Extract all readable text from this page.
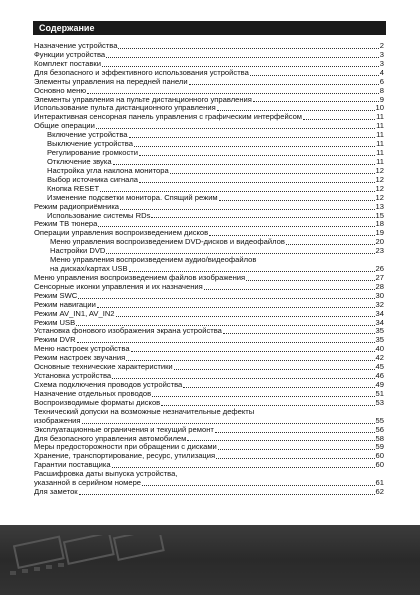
Содержание
Назначение устройства	2
Функции устройства	3
Комплект поставки	3
Для безопасного и эффективного использования устройства	4
Элементы управления на передней панели	6
Основно меню	8
Элементы управления на пульте дистанционного управления	9
Использование пульта дистанционного управления	10
Интерактивная сенсорная панель управления с графическим интерфейсом	11
Общие операции	11
Включение устройства	11
Выключение устройства	11
Регулирование громкости	11
Отключение звука	11
Настройка угла наклона монитора	12
Выбор источника сигнала	12
Кнопка RESET	12
Изменение подсветки монитора. Спящий режим	12
Режим радиоприёмника	13
Использование системы RDs	15
Режим ТВ тюнера	18
Операции управления воспроизведением дисков	19
Меню управления воспроизведением DVD-дисков и видеофайлов	20
Настройки DVD	23
Меню управления воспроизведением аудио/видеофайлов
на дисках/картах USB	26
Меню управления воспроизведением файлов изображения	27
Сенсорные иконки управления и их назначения	28
Режим SWC	30
Режим навигации	32
Режим AV_IN1, AV_IN2	34
Режим USB	34
Установка фонового изображения экрана устройства	35
Режим DVR	35
Меню настроек устройства	40
Режим настроек звучания	42
Основные технические характеристики	45
Установка устройства	46
Схема подключения проводов устройства	49
Назначение отдельных проводов	51
Воспроизводимые форматы дисков	53
Технический допуски на возможные незначительные дефекты
изображения	55
Эксплуатационные ограничения и текущий ремонт	56
Для безопасного управления автомобилем	58
Меры предосторожности при обращении с дисками	59
Хранение, транспортирование, ресурс, утилизация	60
Гарантии поставщика	60
Расшифровка даты выпуска устройства,
указанной в серийном номере	61
Для заметок	62
